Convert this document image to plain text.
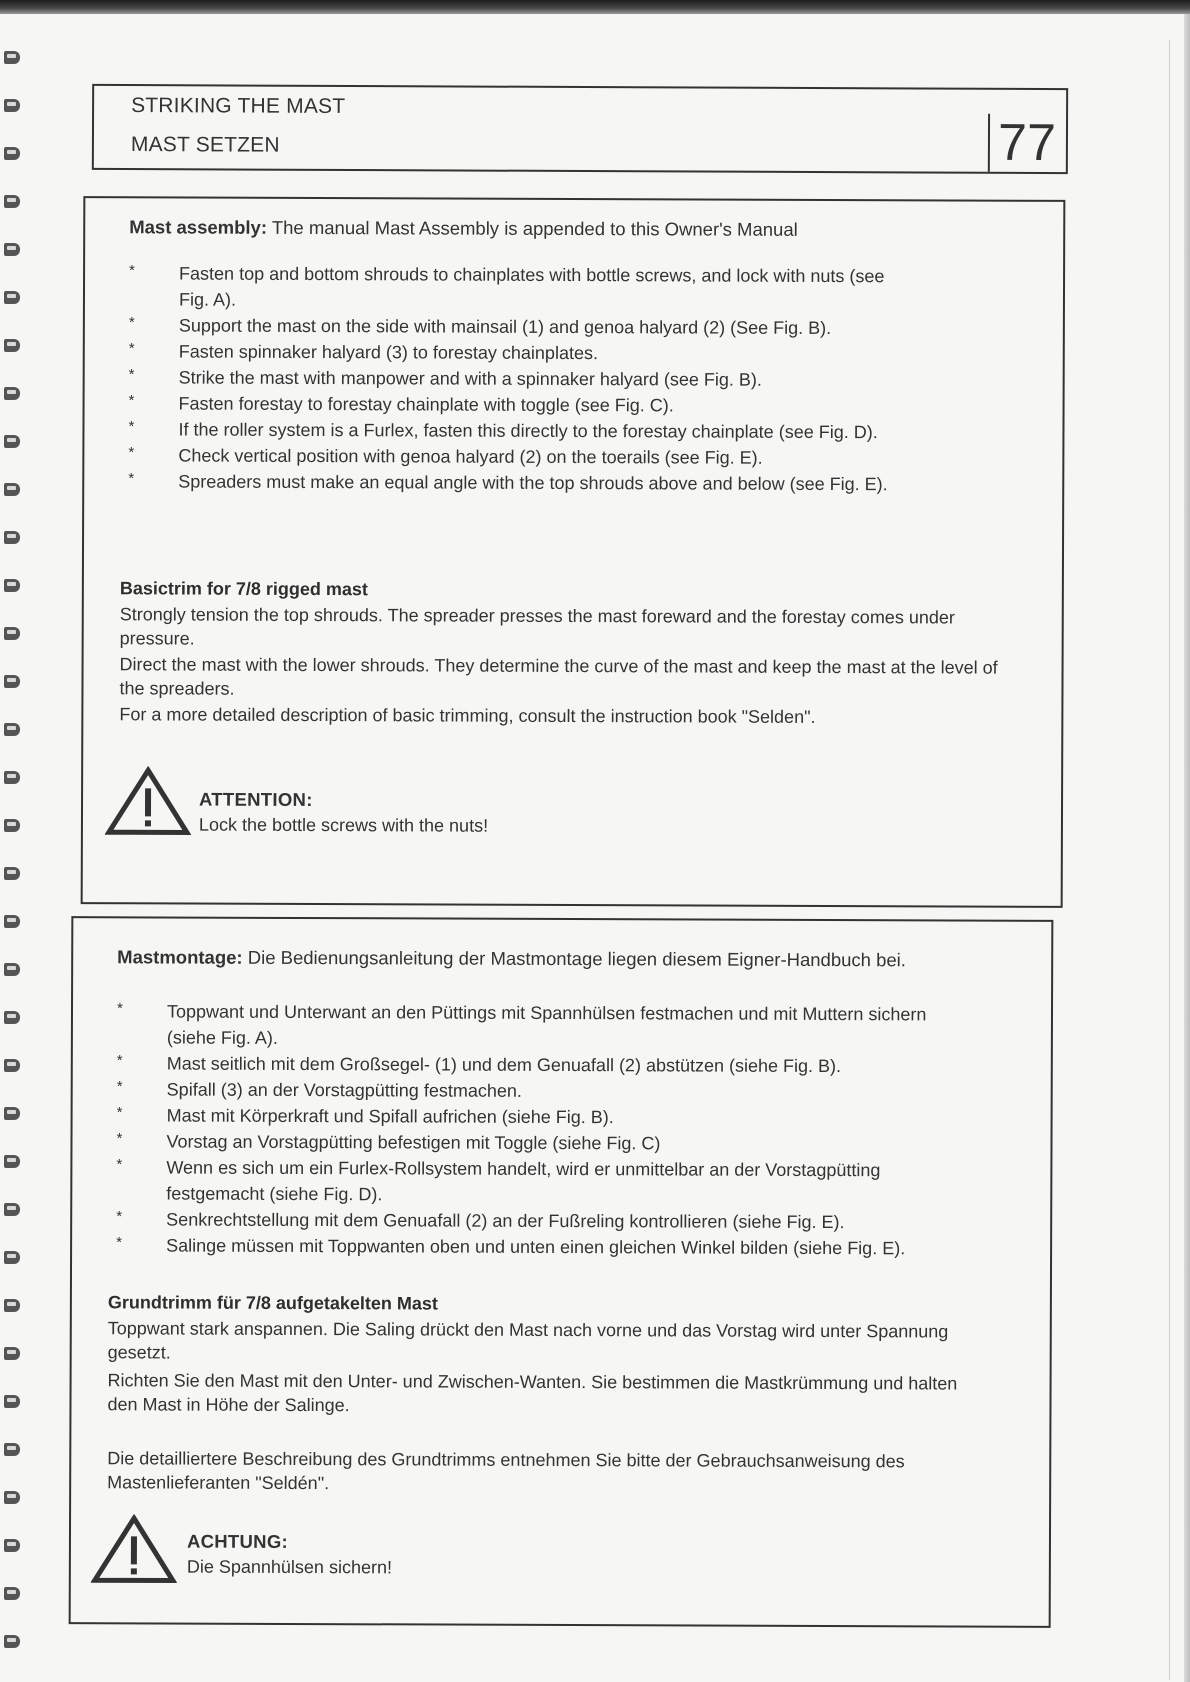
STRIKING THE MAST
MAST SETZEN	77
Mast assembly: The manual Mast Assembly is appended to this Owner's Manual
* Fasten top and bottom shrouds to chainplates with bottle screws, and lock with nuts (see Fig. A).
* Support the mast on the side with mainsail (1) and genoa halyard (2) (See Fig. B).
* Fasten spinnaker halyard (3) to forestay chainplates.
* Strike the mast with manpower and with a spinnaker halyard (see Fig. B).
* Fasten forestay to forestay chainplate with toggle (see Fig. C).
* If the roller system is a Furlex, fasten this directly to the forestay chainplate (see Fig. D).
* Check vertical position with genoa halyard (2) on the toerails (see Fig. E).
* Spreaders must make an equal angle with the top shrouds above and below (see Fig. E).
Basictrim for 7/8 rigged mast

Strongly tension the top shrouds. The spreader presses the mast foreward and the forestay comes under pressure.

Direct the mast with the lower shrouds. They determine the curve of the mast and keep the mast at the level of the spreaders.

For a more detailed description of basic trimming, consult the instruction book "Selden".

ATTENTION:
Lock the bottle screws with the nuts!
Mastmontage: Die Bedienungsanleitung der Mastmontage liegen diesem Eigner-Handbuch bei.
* Toppwant und Unterwant an den Püttings mit Spannhülsen festmachen und mit Muttern sichern (siehe Fig. A).
* Mast seitlich mit dem Großsegel- (1) und dem Genuafall (2) abstützen (siehe Fig. B).
* Spifall (3) an der Vorstagpütting festmachen.
* Mast mit Körperkraft und Spifall aufrichen (siehe Fig. B).
* Vorstag an Vorstagpütting befestigen mit Toggle (siehe Fig. C)
* Wenn es sich um ein Furlex-Rollsystem handelt, wird er unmittelbar an der Vorstagpütting festgemacht (siehe Fig. D).
* Senkrechtstellung mit dem Genuafall (2) an der Fußreling kontrollieren (siehe Fig. E).
* Salinge müssen mit Toppwanten oben und unten einen gleichen Winkel bilden (siehe Fig. E).
Grundtrimm für 7/8 aufgetakelten Mast

Toppwant stark anspannen. Die Saling drückt den Mast nach vorne und das Vorstag wird unter Spannung gesetzt.

Richten Sie den Mast mit den Unter- und Zwischen-Wanten. Sie bestimmen die Mastkrümmung und halten den Mast in Höhe der Salinge.

Die detailliertere Beschreibung des Grundtrimms entnehmen Sie bitte der Gebrauchsanweisung des Mastenlieferanten "Seldén".

ACHTUNG:
Die Spannhülsen sichern!
